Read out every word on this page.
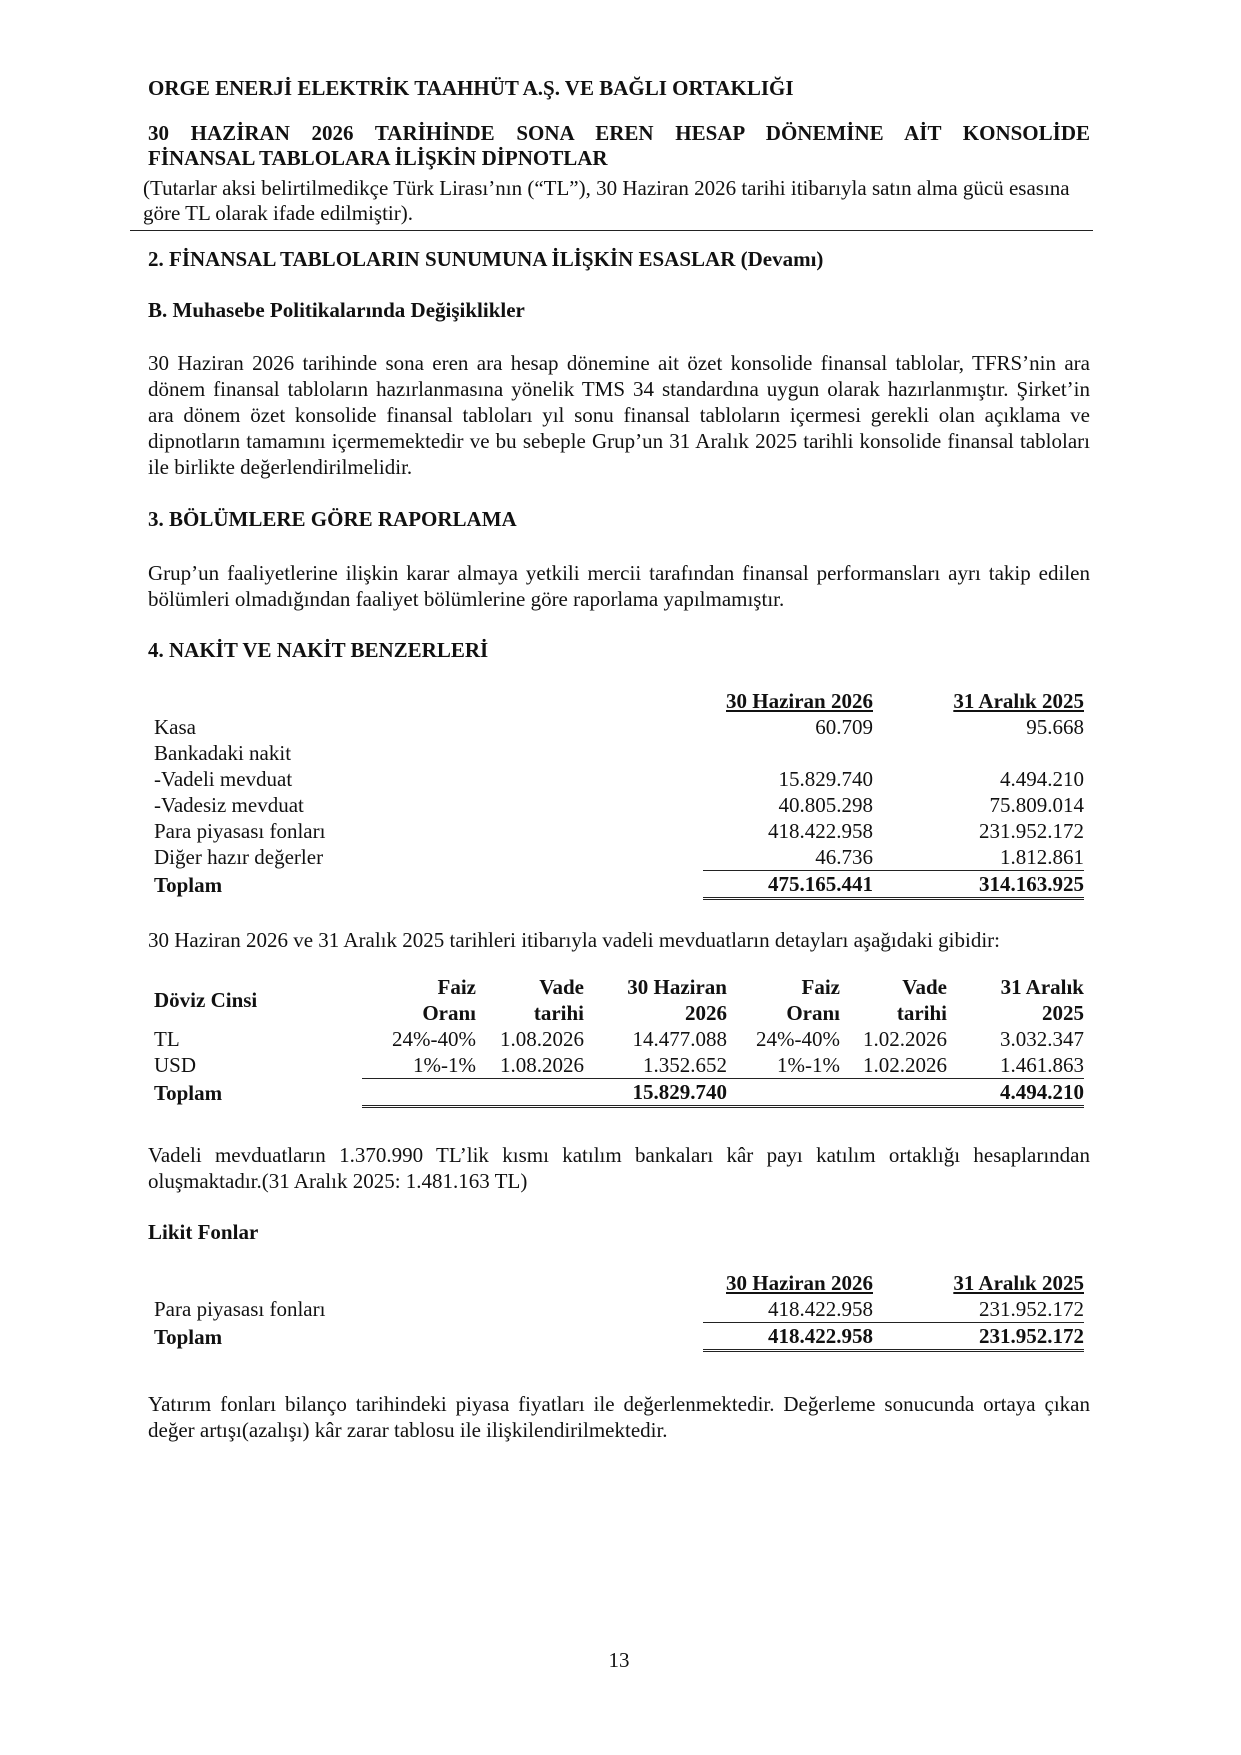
ORGE ENERJİ ELEKTRİK TAAHHÜT A.Ş. VE BAĞLI ORTAKLIĞI
30 HAZİRAN 2026 TARİHİNDE SONA EREN HESAP DÖNEMİNE AİT KONSOLİDE
FİNANSAL TABLOLARA İLİŞKİN DİPNOTLAR
(Tutarlar aksi belirtilmedikçe Türk Lirası’nın (“TL”), 30 Haziran 2026 tarihi itibarıyla satın alma gücü esasına göre TL olarak ifade edilmiştir).
2. FİNANSAL TABLOLARIN SUNUMUNA İLİŞKİN ESASLAR (Devamı)
B. Muhasebe Politikalarında Değişiklikler
30 Haziran 2026 tarihinde sona eren ara hesap dönemine ait özet konsolide finansal tablolar, TFRS’nin ara dönem finansal tabloların hazırlanmasına yönelik TMS 34 standardına uygun olarak hazırlanmıştır. Şirket’in ara dönem özet konsolide finansal tabloları yıl sonu finansal tabloların içermesi gerekli olan açıklama ve dipnotların tamamını içermemektedir ve bu sebeple Grup’un 31 Aralık 2025 tarihli konsolide finansal tabloları ile birlikte değerlendirilmelidir.
3. BÖLÜMLERE GÖRE RAPORLAMA
Grup’un faaliyetlerine ilişkin karar almaya yetkili mercii tarafından finansal performansları ayrı takip edilen bölümleri olmadığından faaliyet bölümlerine göre raporlama yapılmamıştır.
4. NAKİT VE NAKİT BENZERLERİ
	30 Haziran 2026		31 Aralık 2025
Kasa	60.709		95.668
Bankadaki nakit			
-Vadeli mevduat	15.829.740		4.494.210
-Vadesiz mevduat	40.805.298		75.809.014
Para piyasası fonları	418.422.958		231.952.172
Diğer hazır değerler	46.736		1.812.861
Toplam	475.165.441 314.163.925		
30 Haziran 2026 ve 31 Aralık 2025 tarihleri itibarıyla vadeli mevduatların detayları aşağıdaki gibidir:
Döviz Cinsi	Faiz	Vade	30 Haziran	Faiz	Vade	31 Aralık
	Oranı	tarihi	2026	Oranı	tarihi	2025
TL	24%-40%	1.08.2026	14.477.088	24%-40%	1.02.2026	3.032.347
USD	1%-1%	1.08.2026	1.352.652	1%-1%	1.02.2026	1.461.863
Toplam			15.829.740			4.494.210
Vadeli mevduatların 1.370.990 TL’lik kısmı katılım bankaları kâr payı katılım ortaklığı hesaplarından oluşmaktadır.(31 Aralık 2025: 1.481.163 TL)
Likit Fonlar
	30 Haziran 2026		31 Aralık 2025
Para piyasası fonları	418.422.958		231.952.172
Toplam	418.422.958 231.952.172		
Yatırım fonları bilanço tarihindeki piyasa fiyatları ile değerlenmektedir. Değerleme sonucunda ortaya çıkan değer artışı(azalışı) kâr zarar tablosu ile ilişkilendirilmektedir.
13
